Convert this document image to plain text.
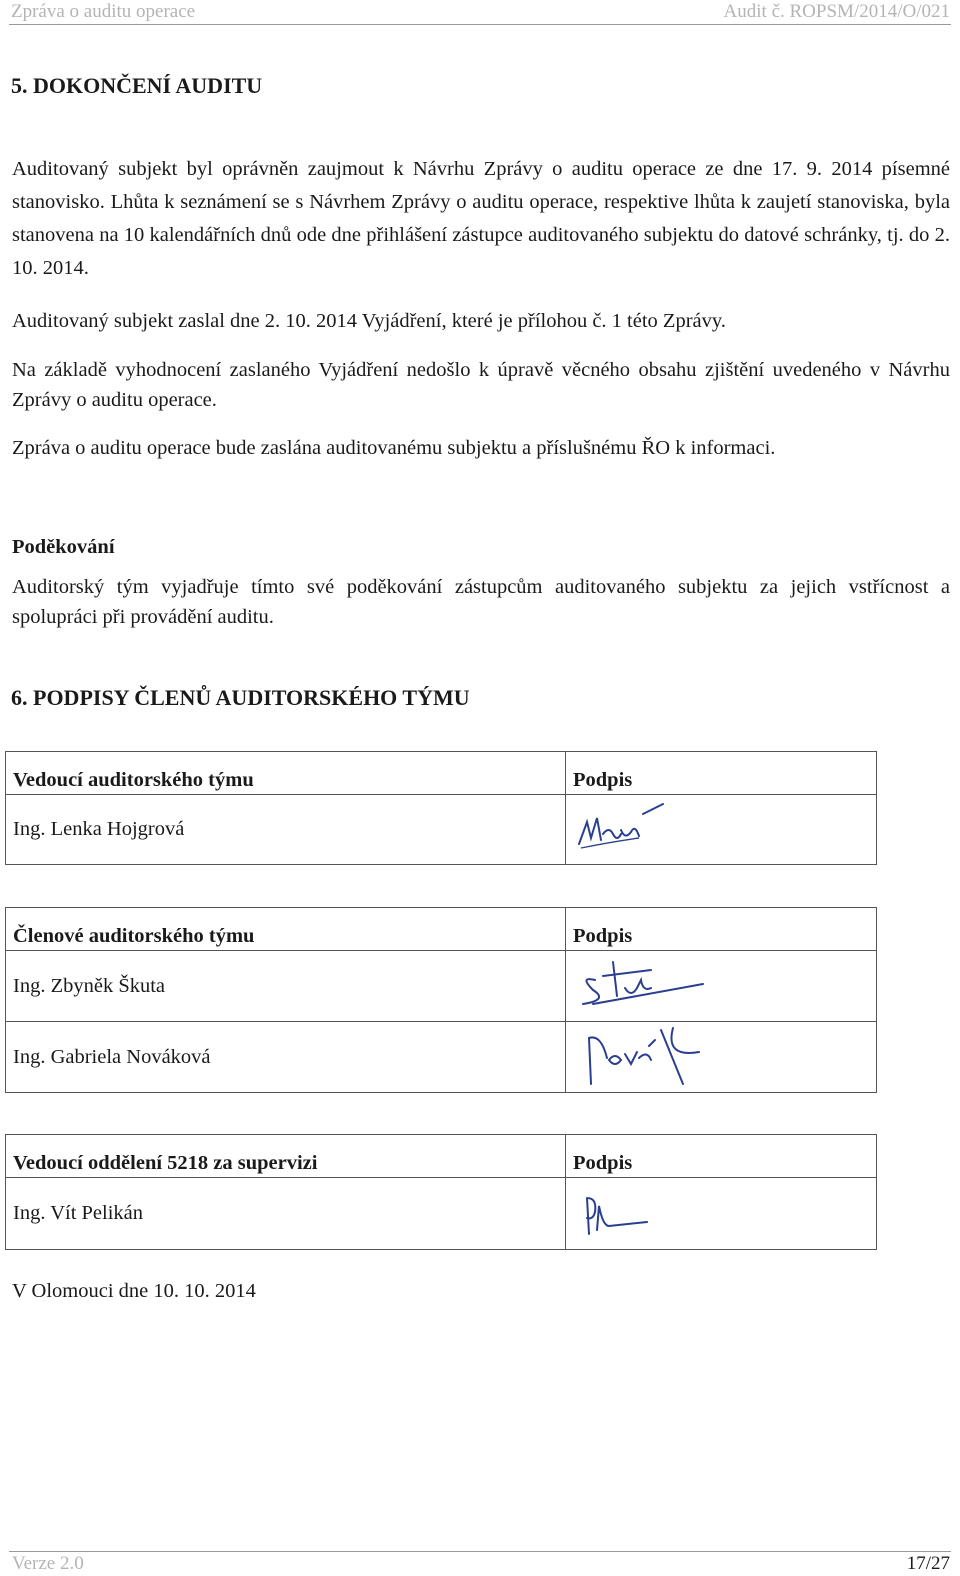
Zpráva o auditu operace	Audit č. ROPSM/2014/O/021
5. DOKONČENÍ AUDITU

Auditovaný subjekt byl oprávněn zaujmout k Návrhu Zprávy o auditu operace ze dne 17. 9. 2014 písemné stanovisko. Lhůta k seznámení se s Návrhem Zprávy o auditu operace, respektive lhůta k zaujetí stanoviska, byla stanovena na 10 kalendářních dnů ode dne přihlášení zástupce auditovaného subjektu do datové schránky, tj. do 2. 10. 2014.

Auditovaný subjekt zaslal dne 2. 10. 2014 Vyjádření, které je přílohou č. 1 této Zprávy.

Na základě vyhodnocení zaslaného Vyjádření nedošlo k úpravě věcného obsahu zjištění uvedeného v Návrhu Zprávy o auditu operace.

Zpráva o auditu operace bude zaslána auditovanému subjektu a příslušnému ŘO k informaci.

Poděkování

Auditorský tým vyjadřuje tímto své poděkování zástupcům auditovaného subjektu za jejich vstřícnost a spolupráci při provádění auditu.

6. PODPISY ČLENŮ AUDITORSKÉHO TÝMU
Vedoucí auditorského týmu	Podpis
Ing. Lenka Hojgrová	
Členové auditorského týmu	Podpis
Ing. Zbyněk Škuta	

Ing. Gabriela Nováková	
Vedoucí oddělení 5218 za supervizi	Podpis
Ing. Vít Pelikán	
V Olomouci dne 10. 10. 2014
Verze 2.0	17/27
